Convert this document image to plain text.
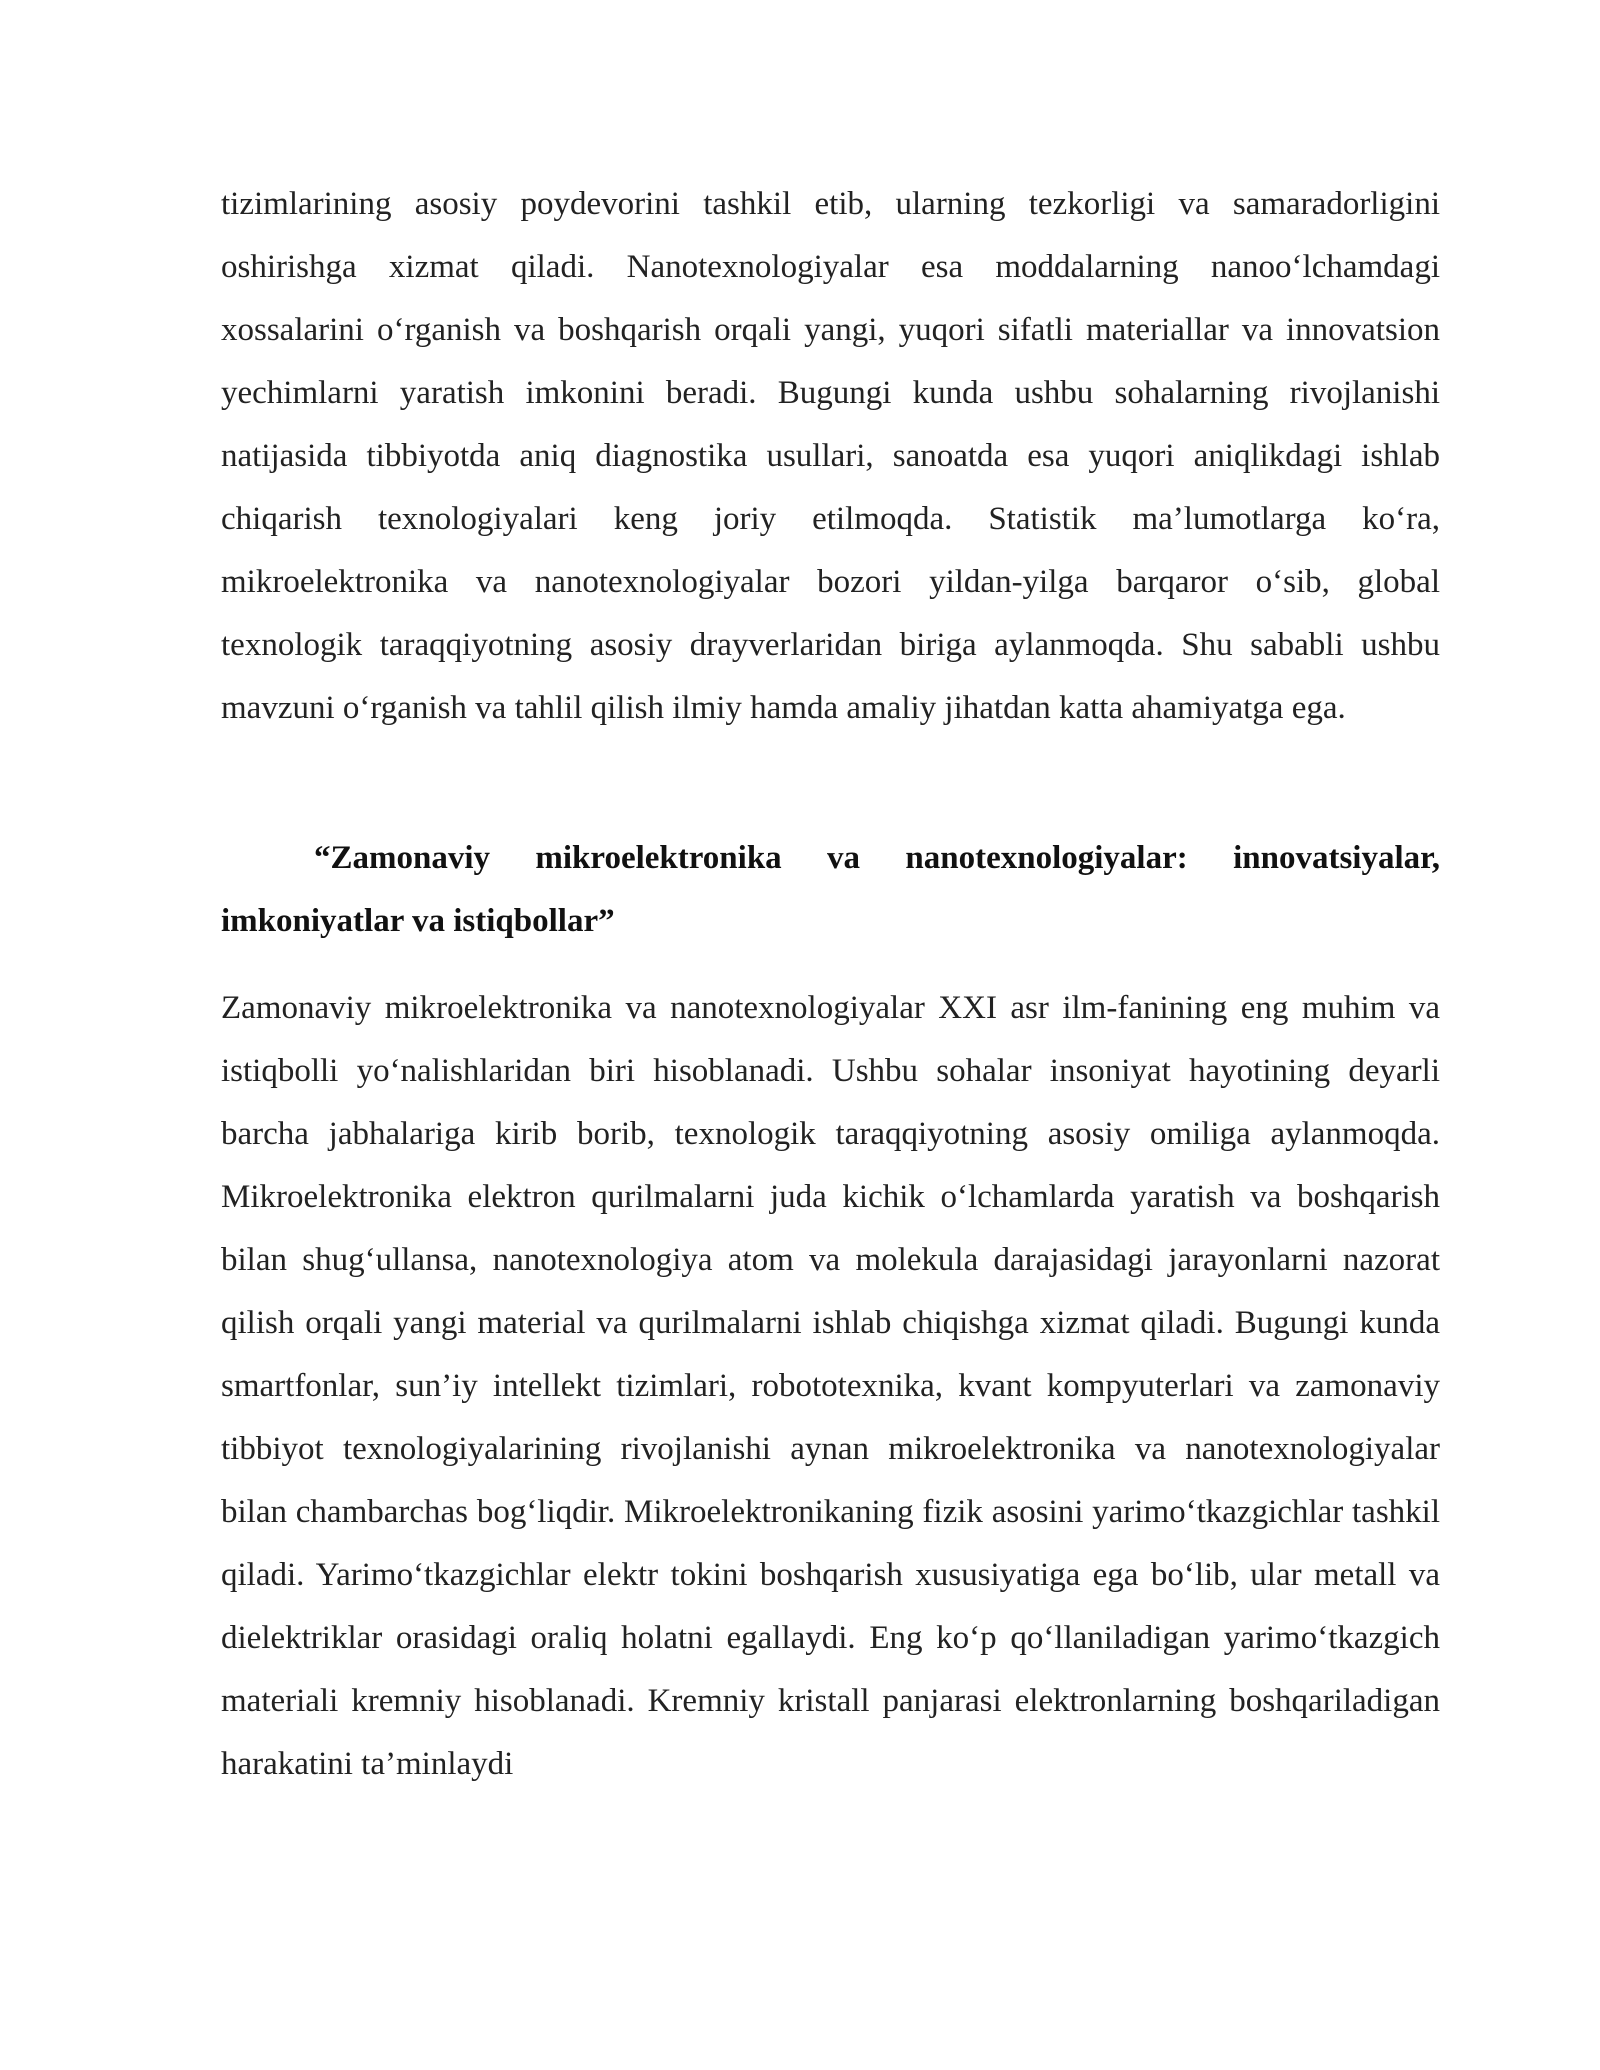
tizimlarining asosiy poydevorini tashkil etib, ularning tezkorligi va samaradorligini oshirishga xizmat qiladi. Nanotexnologiyalar esa moddalarning nanoo‘lchamdagi xossalarini o‘rganish va boshqarish orqali yangi, yuqori sifatli materiallar va innovatsion yechimlarni yaratish imkonini beradi. Bugungi kunda ushbu sohalarning rivojlanishi natijasida tibbiyotda aniq diagnostika usullari, sanoatda esa yuqori aniqlikdagi ishlab chiqarish texnologiyalari keng joriy etilmoqda. Statistik ma’lumotlarga ko‘ra, mikroelektronika va nanotexnologiyalar bozori yildan-yilga barqaror o‘sib, global texnologik taraqqiyotning asosiy drayverlaridan biriga aylanmoqda. Shu sababli ushbu mavzuni o‘rganish va tahlil qilish ilmiy hamda amaliy jihatdan katta ahamiyatga ega.

“Zamonaviy mikroelektronika va nanotexnologiyalar: innovatsiyalar, imkoniyatlar va istiqbollar”

Zamonaviy mikroelektronika va nanotexnologiyalar XXI asr ilm-fanining eng muhim va istiqbolli yo‘nalishlaridan biri hisoblanadi. Ushbu sohalar insoniyat hayotining deyarli barcha jabhalariga kirib borib, texnologik taraqqiyotning asosiy omiliga aylanmoqda. Mikroelektronika elektron qurilmalarni juda kichik o‘lchamlarda yaratish va boshqarish bilan shug‘ullansa, nanotexnologiya atom va molekula darajasidagi jarayonlarni nazorat qilish orqali yangi material va qurilmalarni ishlab chiqishga xizmat qiladi. Bugungi kunda smartfonlar, sun’iy intellekt tizimlari, robototexnika, kvant kompyuterlari va zamonaviy tibbiyot texnologiyalarining rivojlanishi aynan mikroelektronika va nanotexnologiyalar bilan chambarchas bog‘liqdir. Mikroelektronikaning fizik asosini yarimo‘tkazgichlar tashkil qiladi. Yarimo‘tkazgichlar elektr tokini boshqarish xususiyatiga ega bo‘lib, ular metall va dielektriklar orasidagi oraliq holatni egallaydi. Eng ko‘p qo‘llaniladigan yarimo‘tkazgich materiali kremniy hisoblanadi. Kremniy kristall panjarasi elektronlarning boshqariladigan harakatini ta’minlaydi
